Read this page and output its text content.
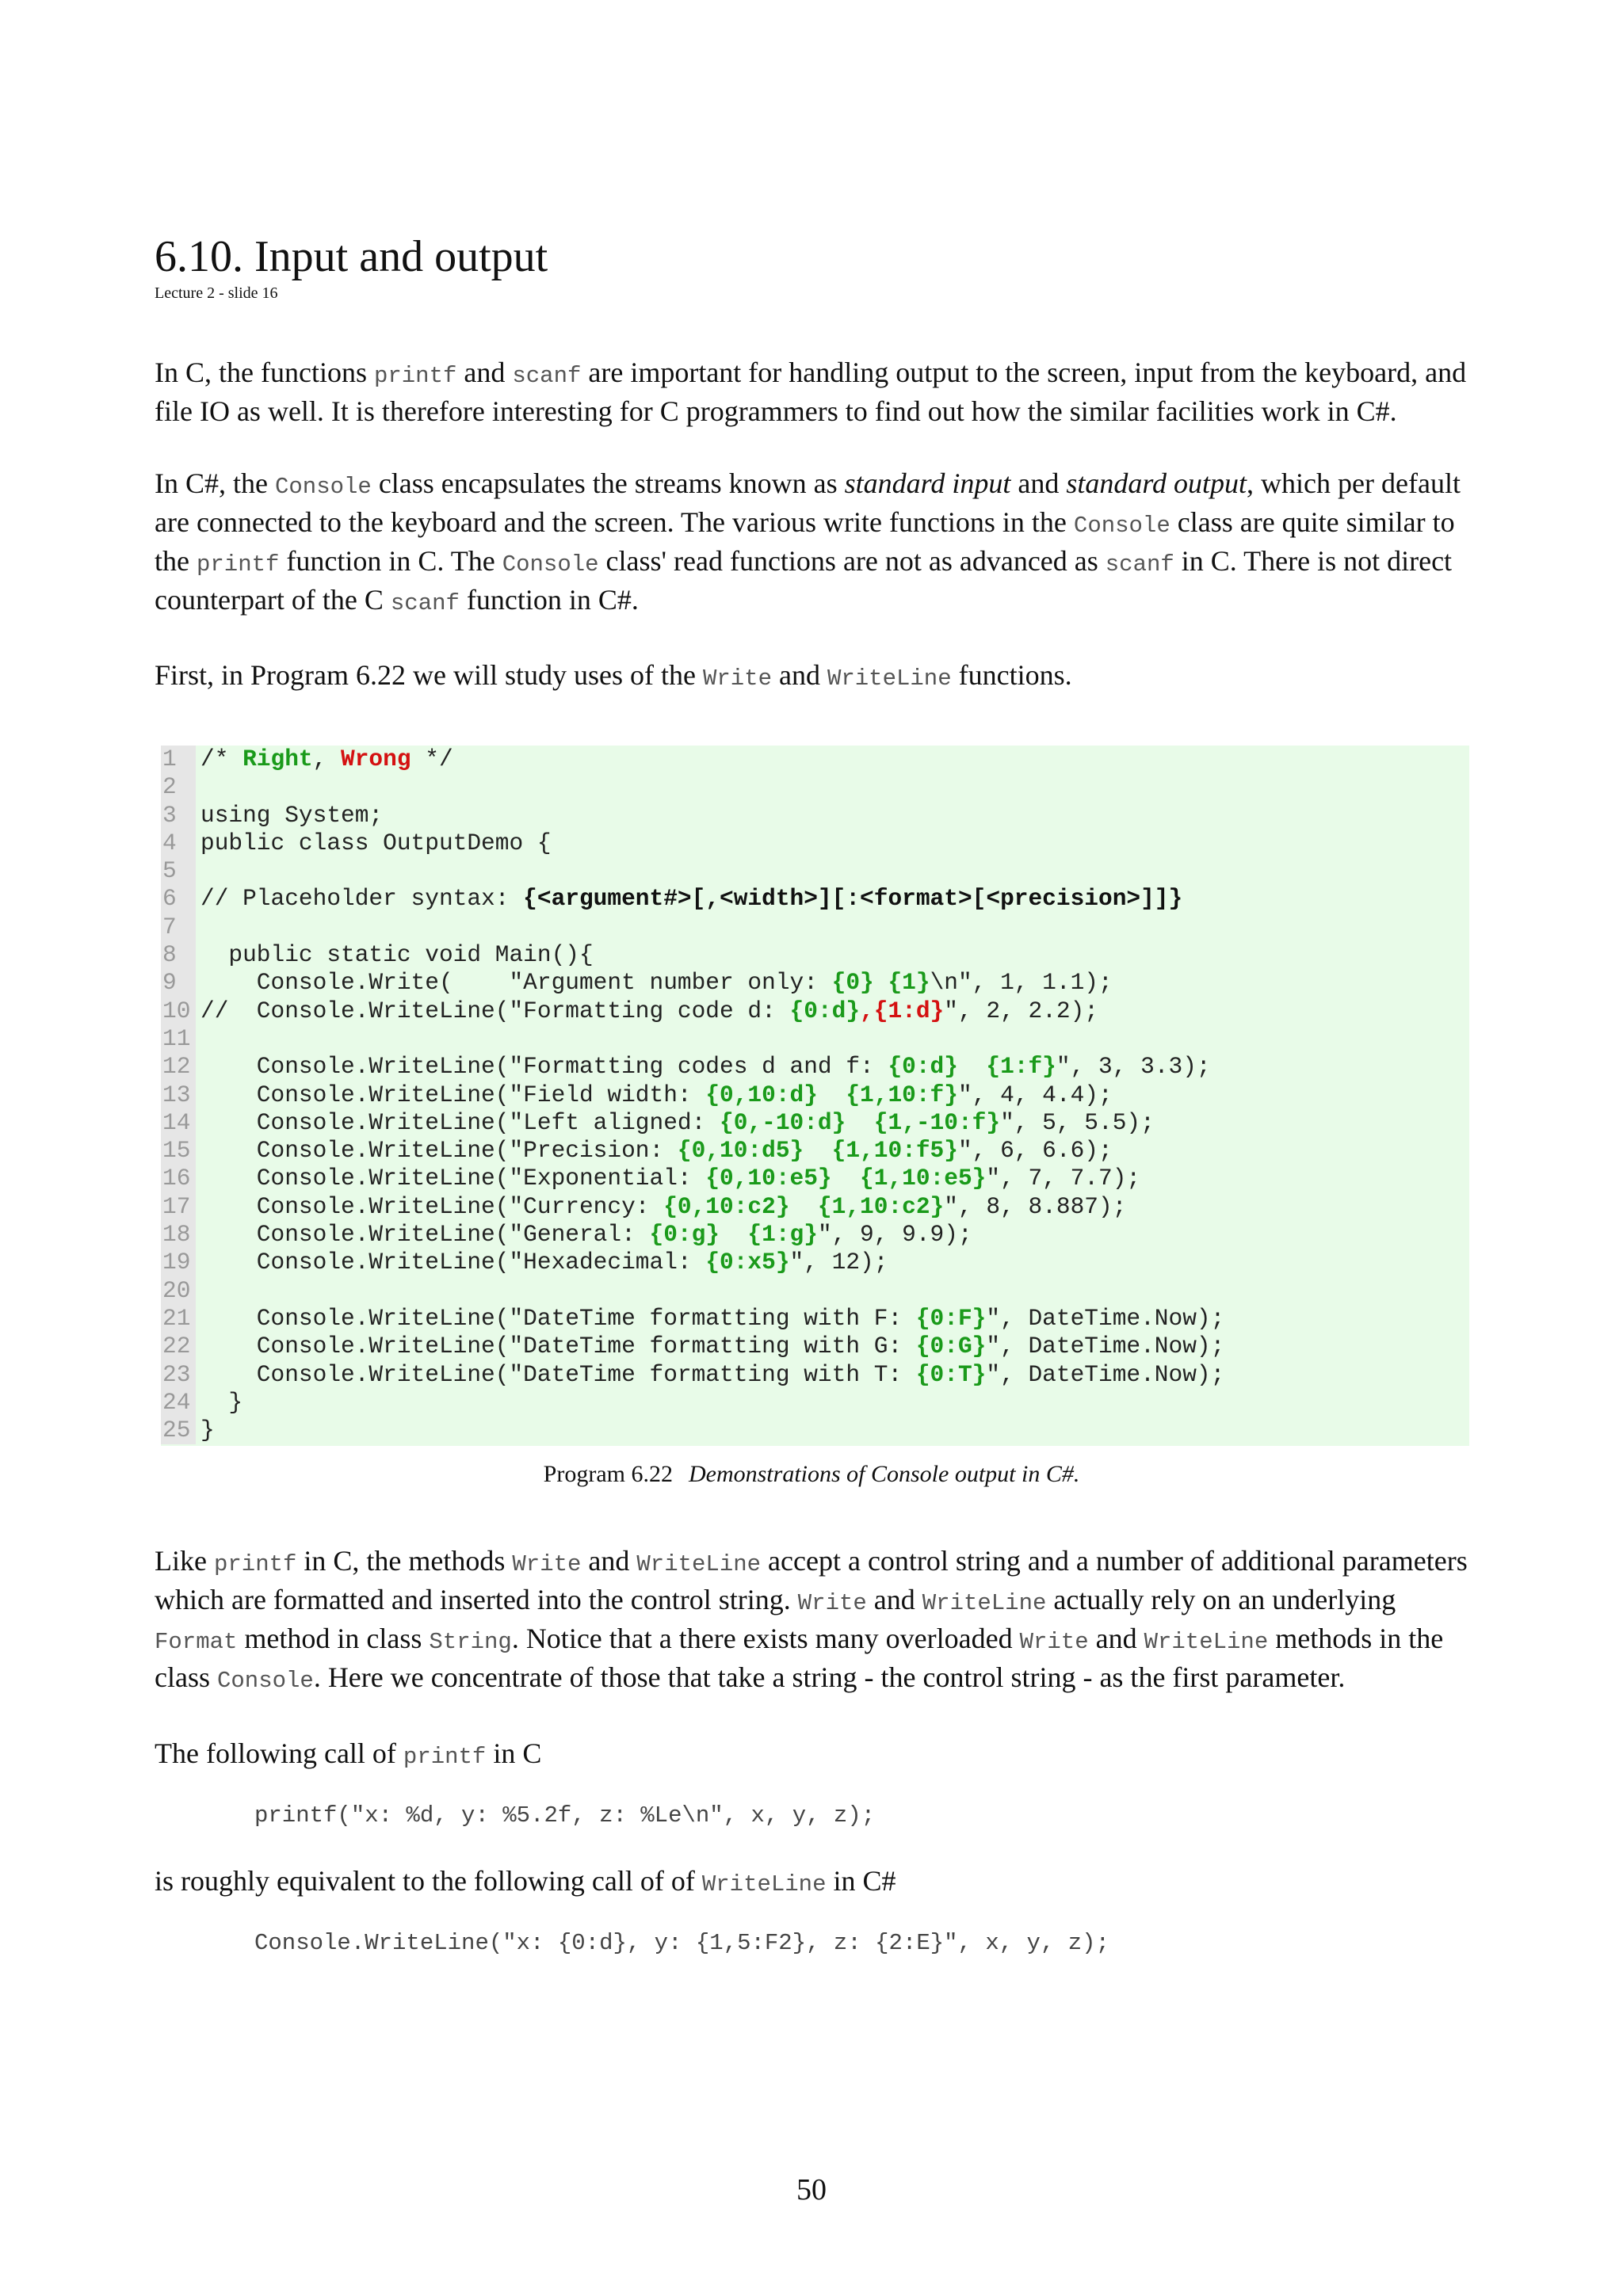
6.10. Input and output
Lecture 2 - slide 16

In C, the functions printf and scanf are important for handling output to the screen, input from the keyboard, and file IO as well. It is therefore interesting for C programmers to find out how the similar facilities work in C#.

In C#, the Console class encapsulates the streams known as standard input and standard output, which per default are connected to the keyboard and the screen. The various write functions in the Console class are quite similar to the printf function in C. The Console class' read functions are not as advanced as scanf in C. There is not direct counterpart of the C scanf function in C#.

First, in Program 6.22 we will study uses of the Write and WriteLine functions.

1	/* Right, Wrong */
2
3	using System;
4	public class OutputDemo {
5
6	// Placeholder syntax: {<argument#>[,<width>][:<format>[<precision>]]}
7
8	public static void Main(){
9	Console.Write(    "Argument number only: {0} {1}\n", 1, 1.1);
10 //  Console.WriteLine("Formatting code d: {0:d},{1:d}", 2, 2.2);
11
12 Console.WriteLine("Formatting codes d and f: {0:d}  {1:f}", 3, 3.3);
13 Console.WriteLine("Field width: {0,10:d}  {1,10:f}", 4, 4.4);
14 Console.WriteLine("Left aligned: {0,-10:d}  {1,-10:f}", 5, 5.5);
15 Console.WriteLine("Precision: {0,10:d5}  {1,10:f5}", 6, 6.6);
16 Console.WriteLine("Exponential: {0,10:e5}  {1,10:e5}", 7, 7.7);
17 Console.WriteLine("Currency: {0,10:c2}  {1,10:c2}", 8, 8.887);
18 Console.WriteLine("General: {0:g}  {1:g}", 9, 9.9);
19 Console.WriteLine("Hexadecimal: {0:x5}", 12);
20
21 Console.WriteLine("DateTime formatting with F: {0:F}", DateTime.Now);
22 Console.WriteLine("DateTime formatting with G: {0:G}", DateTime.Now);
23 Console.WriteLine("DateTime formatting with T: {0:T}", DateTime.Now);
24 }
25 }
Program 6.22 Demonstrations of Console output in C#.

Like printf in C, the methods Write and WriteLine accept a control string and a number of additional parameters which are formatted and inserted into the control string. Write and WriteLine actually rely on an underlying Format method in class String. Notice that a there exists many overloaded Write and WriteLine methods in the class Console. Here we concentrate of those that take a string - the control string - as the first parameter.

The following call of printf in C

printf("x: %d, y: %5.2f, z: %Le\n", x, y, z);

is roughly equivalent to the following call of of WriteLine in C#

Console.WriteLine("x: {0:d}, y: {1,5:F2}, z: {2:E}", x, y, z);
50
